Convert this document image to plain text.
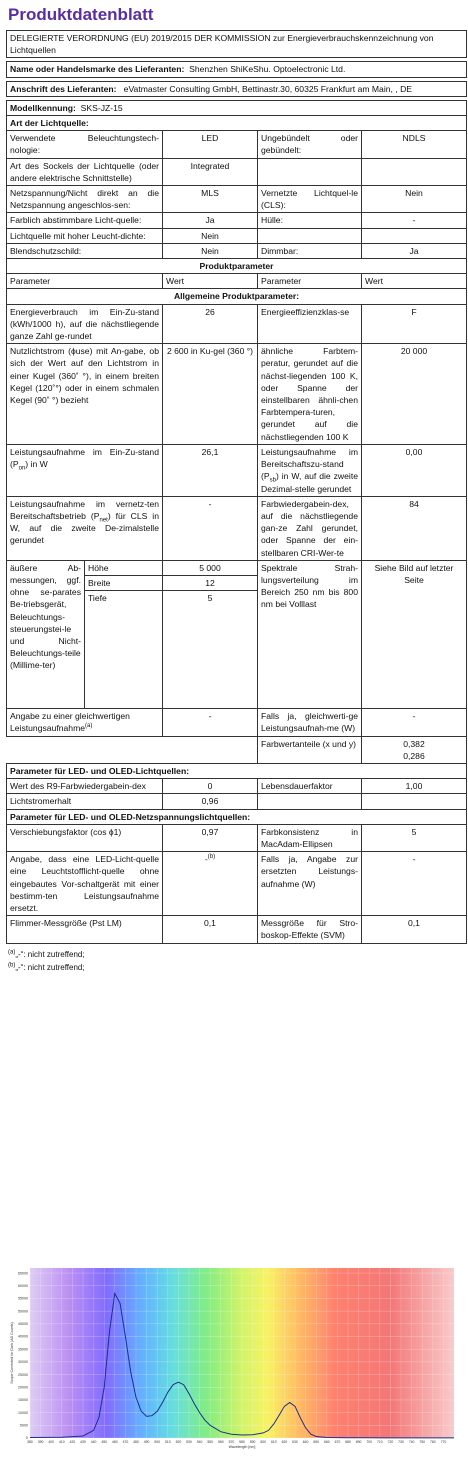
Produktdatenblatt
DELEGIERTE VERORDNUNG (EU) 2019/2015 DER KOMMISSION zur Energieverbrauchskennzeichnung von Lichtquellen				

Name oder Handelsmarke des Lieferanten: Shenzhen ShiKeShu. Optoelectronic Ltd.				

Anschrift des Lieferanten: eVatmaster Consulting GmbH, Bettinastr.30, 60325 Frankfurt am Main, , DE				

Modellkennung: SKS-JZ-15				
Art der Lichtquelle:				
Verwendete Beleuchtungstech-nologie:		LED	Ungebündelt oder gebündelt:	NDLS
Art des Sockels der Lichtquelle (oder andere elektrische Schnittstelle)		Integrated		
Netzspannung/Nicht direkt an die Netzspannung angeschlos-sen:		MLS	Vernetzte Lichtquel-le (CLS):	Nein
Farblich abstimmbare Licht-quelle:		Ja	Hülle:	-
Lichtquelle mit hoher Leucht-dichte:		Nein		
Blendschutzschild:		Nein	Dimmbar:	Ja
Produktparameter				
Parameter		Wert	Parameter	Wert
Allgemeine Produktparameter:				
Energieverbrauch im Ein-Zu-stand (kWh/1000 h), auf die nächstliegende ganze Zahl ge-rundet		26	Energieeffizienzklas-se	F
Nutzlichtstrom (ɸuse) mit An-gabe, ob sich der Wert auf den Lichtstrom in einer Kugel (360˚ °), in einem breiten Kegel (120˚°) oder in einem schmalen Kegel (90˚ °) bezieht		2 600 in Ku-gel (360 °)	ähnliche Farbtem-peratur, gerundet auf die nächst-liegenden 100 K, oder Spanne der einstellbaren ähnli-chen Farbtempera-turen, gerundet auf die nächstliegenden 100 K	20 000
Leistungsaufnahme im Ein-Zu-stand $(P_{on})$ in W		26,1	Leistungsaufnahme im Bereitschaftszu-stand $(P_{sb})$ in W, auf die zweite Dezimal-stelle gerundet	0,00
Leistungsaufnahme im vernetz-ten Bereitschaftsbetrieb $(P_{net})$ für CLS in W, auf die zweite De-zimalstelle gerundet		-	Farbwiedergabein-dex, auf die nächstliegende gan-ze Zahl gerundet, oder Spanne der ein-stellbaren CRI-Wer-te	84
äußere Ab-messungen, ggf. ohne se-parates Be-triebsgerät, Beleuchtungs-steuerungstei-le und Nicht-Beleuchtungs-teile (Millime-ter)	Höhe	5 000	Spektrale Strah-lungsverteilung im Bereich 250 nm bis 800 nm bei Volllast	Siehe Bild auf letzter Seite
	Breite	12		
	Tiefe	5		
Angabe zu einer gleichwertigen Leistungsaufnahme$^{(a)}$		-	Falls ja, gleichwerti-ge Leistungsaufnah-me (W)	-
			Farbwertanteile (x und y)	0,382
0,286

Parameter für LED- und OLED-Lichtquellen:				
Wert des R9-Farbwiedergabein-dex		0	Lebensdauerfaktor	1,00
Lichtstromerhalt		0,96		
Parameter für LED- und OLED-Netzspannungslichtquellen:				
Verschiebungsfaktor (cos ɸ1)		0,97	Farbkonsistenz in MacAdam-Ellipsen	5
Angabe, dass eine LED-Licht-quelle eine Leuchtstofflicht-quelle ohne eingebautes Vor-schaltgerät mit einer bestimm-ten Leistungsaufnahme ersetzt.		-$^{(b)}$	Falls ja, Angabe zur ersetzten Leistungs-aufnahme (W)	-
Flimmer-Messgröße (Pst LM)		0,1	Messgröße für Stro-boskop-Effekte (SVM)	0,1
$^{(a)}$„-“: nicht zutreffend;
$^{(b)}$„-“: nicht zutreffend;
0
5000
10000
15000
20000
25000
30000
35000
40000
45000
50000
55000
60000
65000
380 390 400 410 420 430 440 450 460 470 480 490 500 510 520 530 540 550 560 570 580 590 600 610 620 630 640 650 660 670 680 690 700 710 720 730 740 750 760 770
Scope Corrected for Dark (AD Counts)
Wavelength [nm]
